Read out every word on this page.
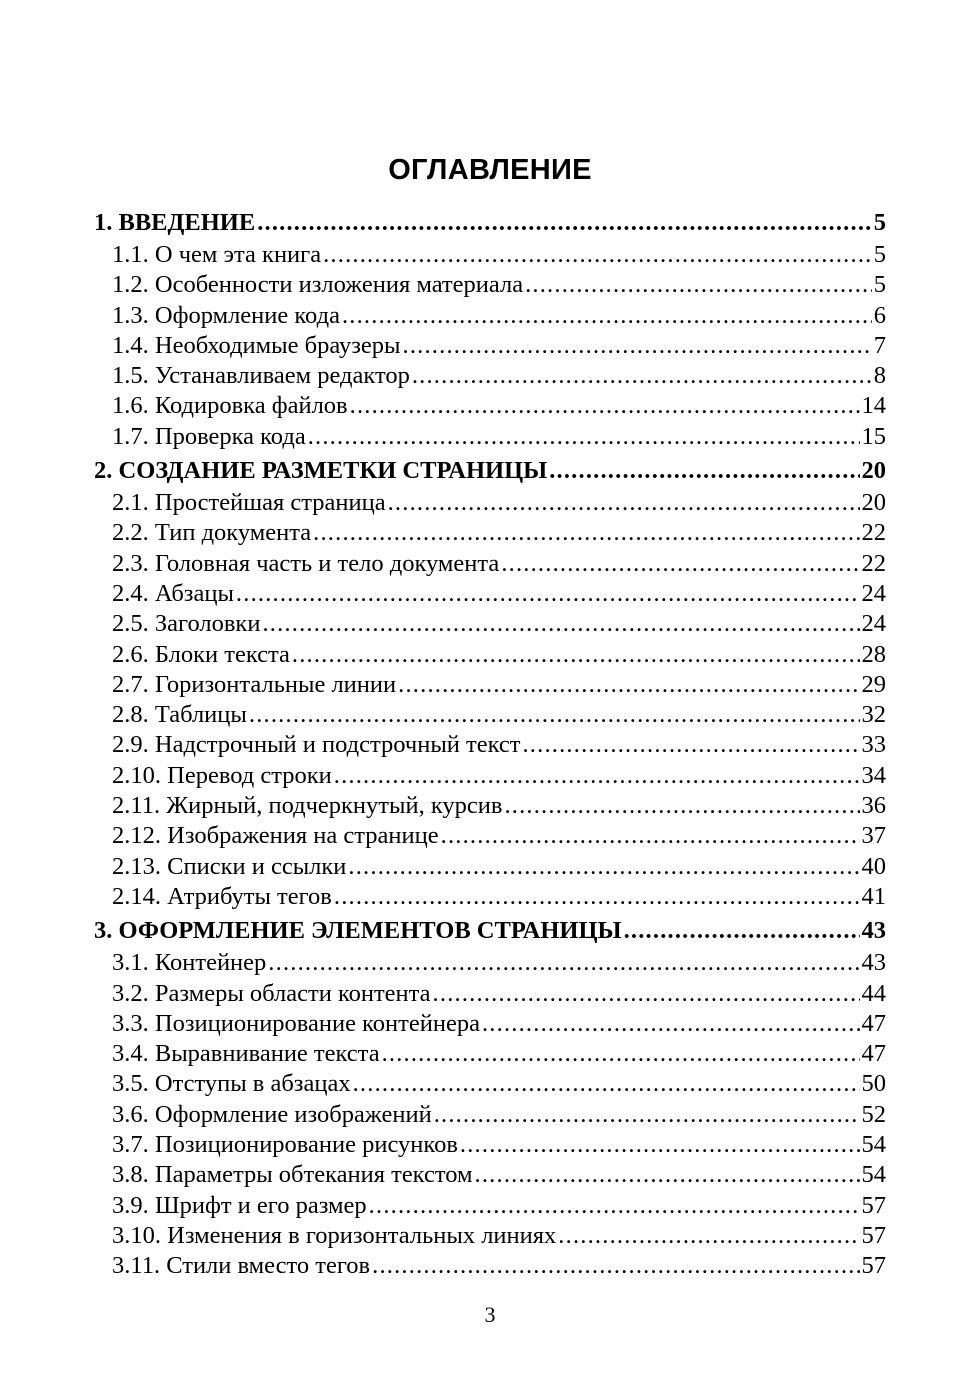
ОГЛАВЛЕНИЕ
1. ВВЕДЕНИЕ .....	5
1.1. О чем эта книга .....	5
1.2. Особенности изложения материала .....	5
1.3. Оформление кода .....	6
1.4. Необходимые браузеры .....	7
1.5. Устанавливаем редактор .....	8
1.6. Кодировка файлов .....	14
1.7. Проверка кода .....	15
2. СОЗДАНИЕ РАЗМЕТКИ СТРАНИЦЫ .....	20
2.1. Простейшая страница .....	20
2.2. Тип документа .....	22
2.3. Головная часть и тело документа .....	22
2.4. Абзацы .....	24
2.5. Заголовки .....	24
2.6. Блоки текста .....	28
2.7. Горизонтальные линии .....	29
2.8. Таблицы .....	32
2.9. Надстрочный и подстрочный текст .....	33
2.10. Перевод строки .....	34
2.11. Жирный, подчеркнутый, курсив .....	36
2.12. Изображения на странице .....	37
2.13. Списки и ссылки .....	40
2.14. Атрибуты тегов .....	41
3. ОФОРМЛЕНИЕ ЭЛЕМЕНТОВ СТРАНИЦЫ .....	43
3.1. Контейнер .....	43
3.2. Размеры области контента .....	44
3.3. Позиционирование контейнера .....	47
3.4. Выравнивание текста .....	47
3.5. Отступы в абзацах .....	50
3.6. Оформление изображений .....	52
3.7. Позиционирование рисунков .....	54
3.8. Параметры обтекания текстом .....	54
3.9. Шрифт и его размер .....	57
3.10. Изменения в горизонтальных линиях .....	57
3.11. Стили вместо тегов .....	57
3
